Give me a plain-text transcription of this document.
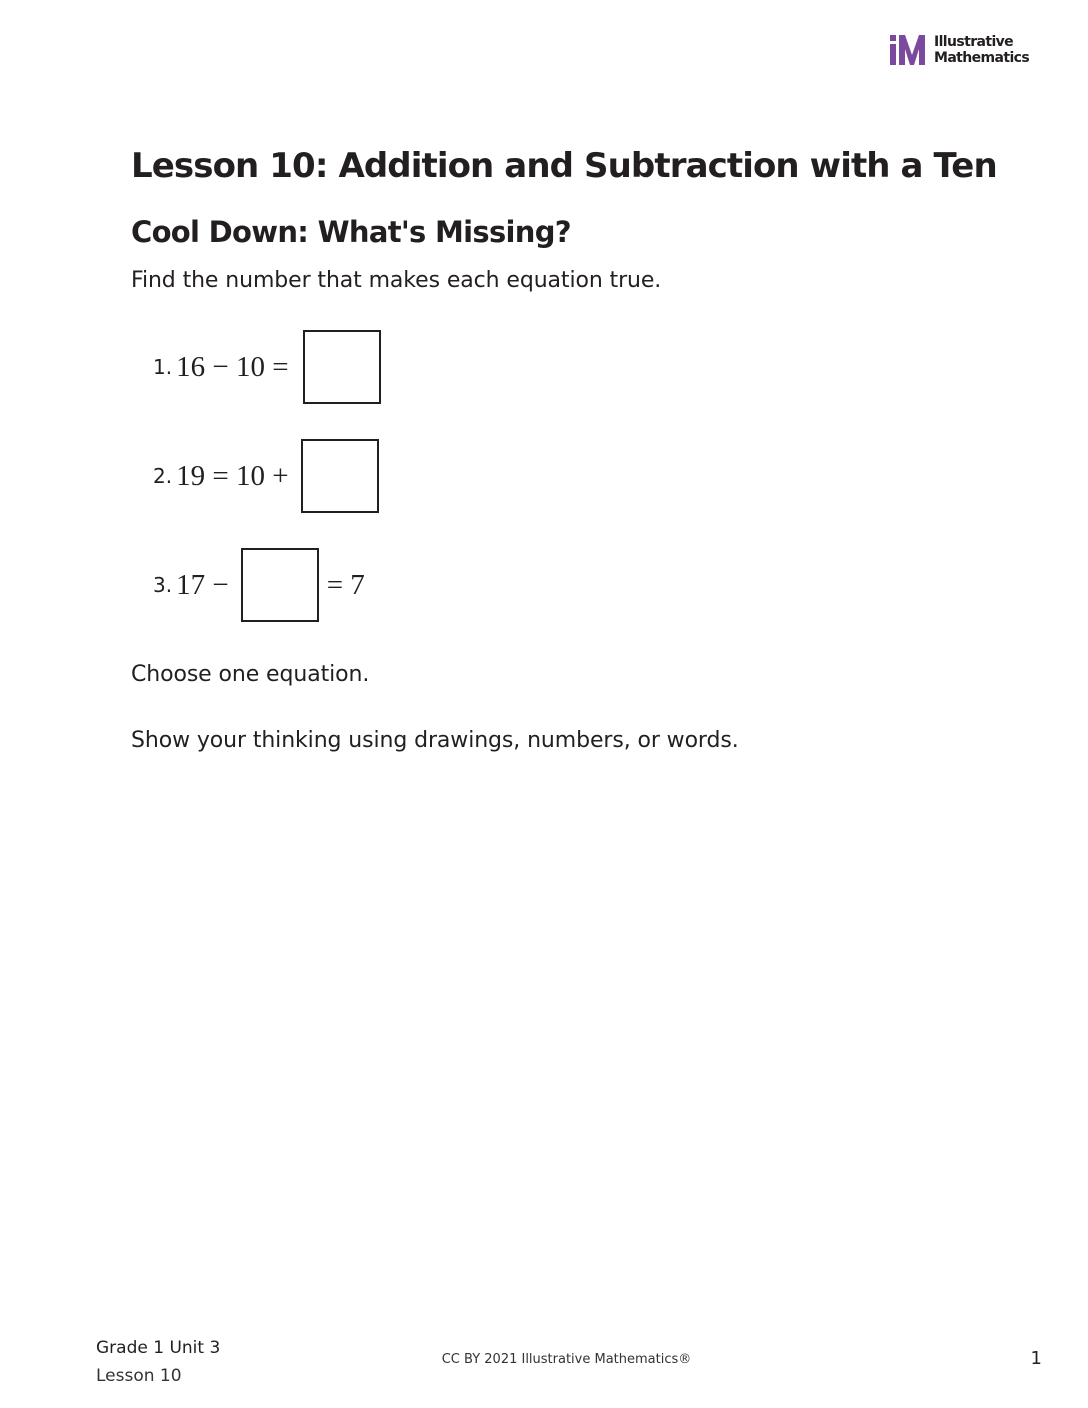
Illustrative
Mathematics
Lesson 10: Addition and Subtraction with a Ten
Cool Down: What's Missing?

Find the number that makes each equation true.

1. 16 − 10 =
2. 19 = 10 +
3. 17 −	= 7

Choose one equation.

Show your thinking using drawings, numbers, or words.

Grade 1 Unit 3
Lesson 10
CC BY 2021 Illustrative Mathematics®	1
